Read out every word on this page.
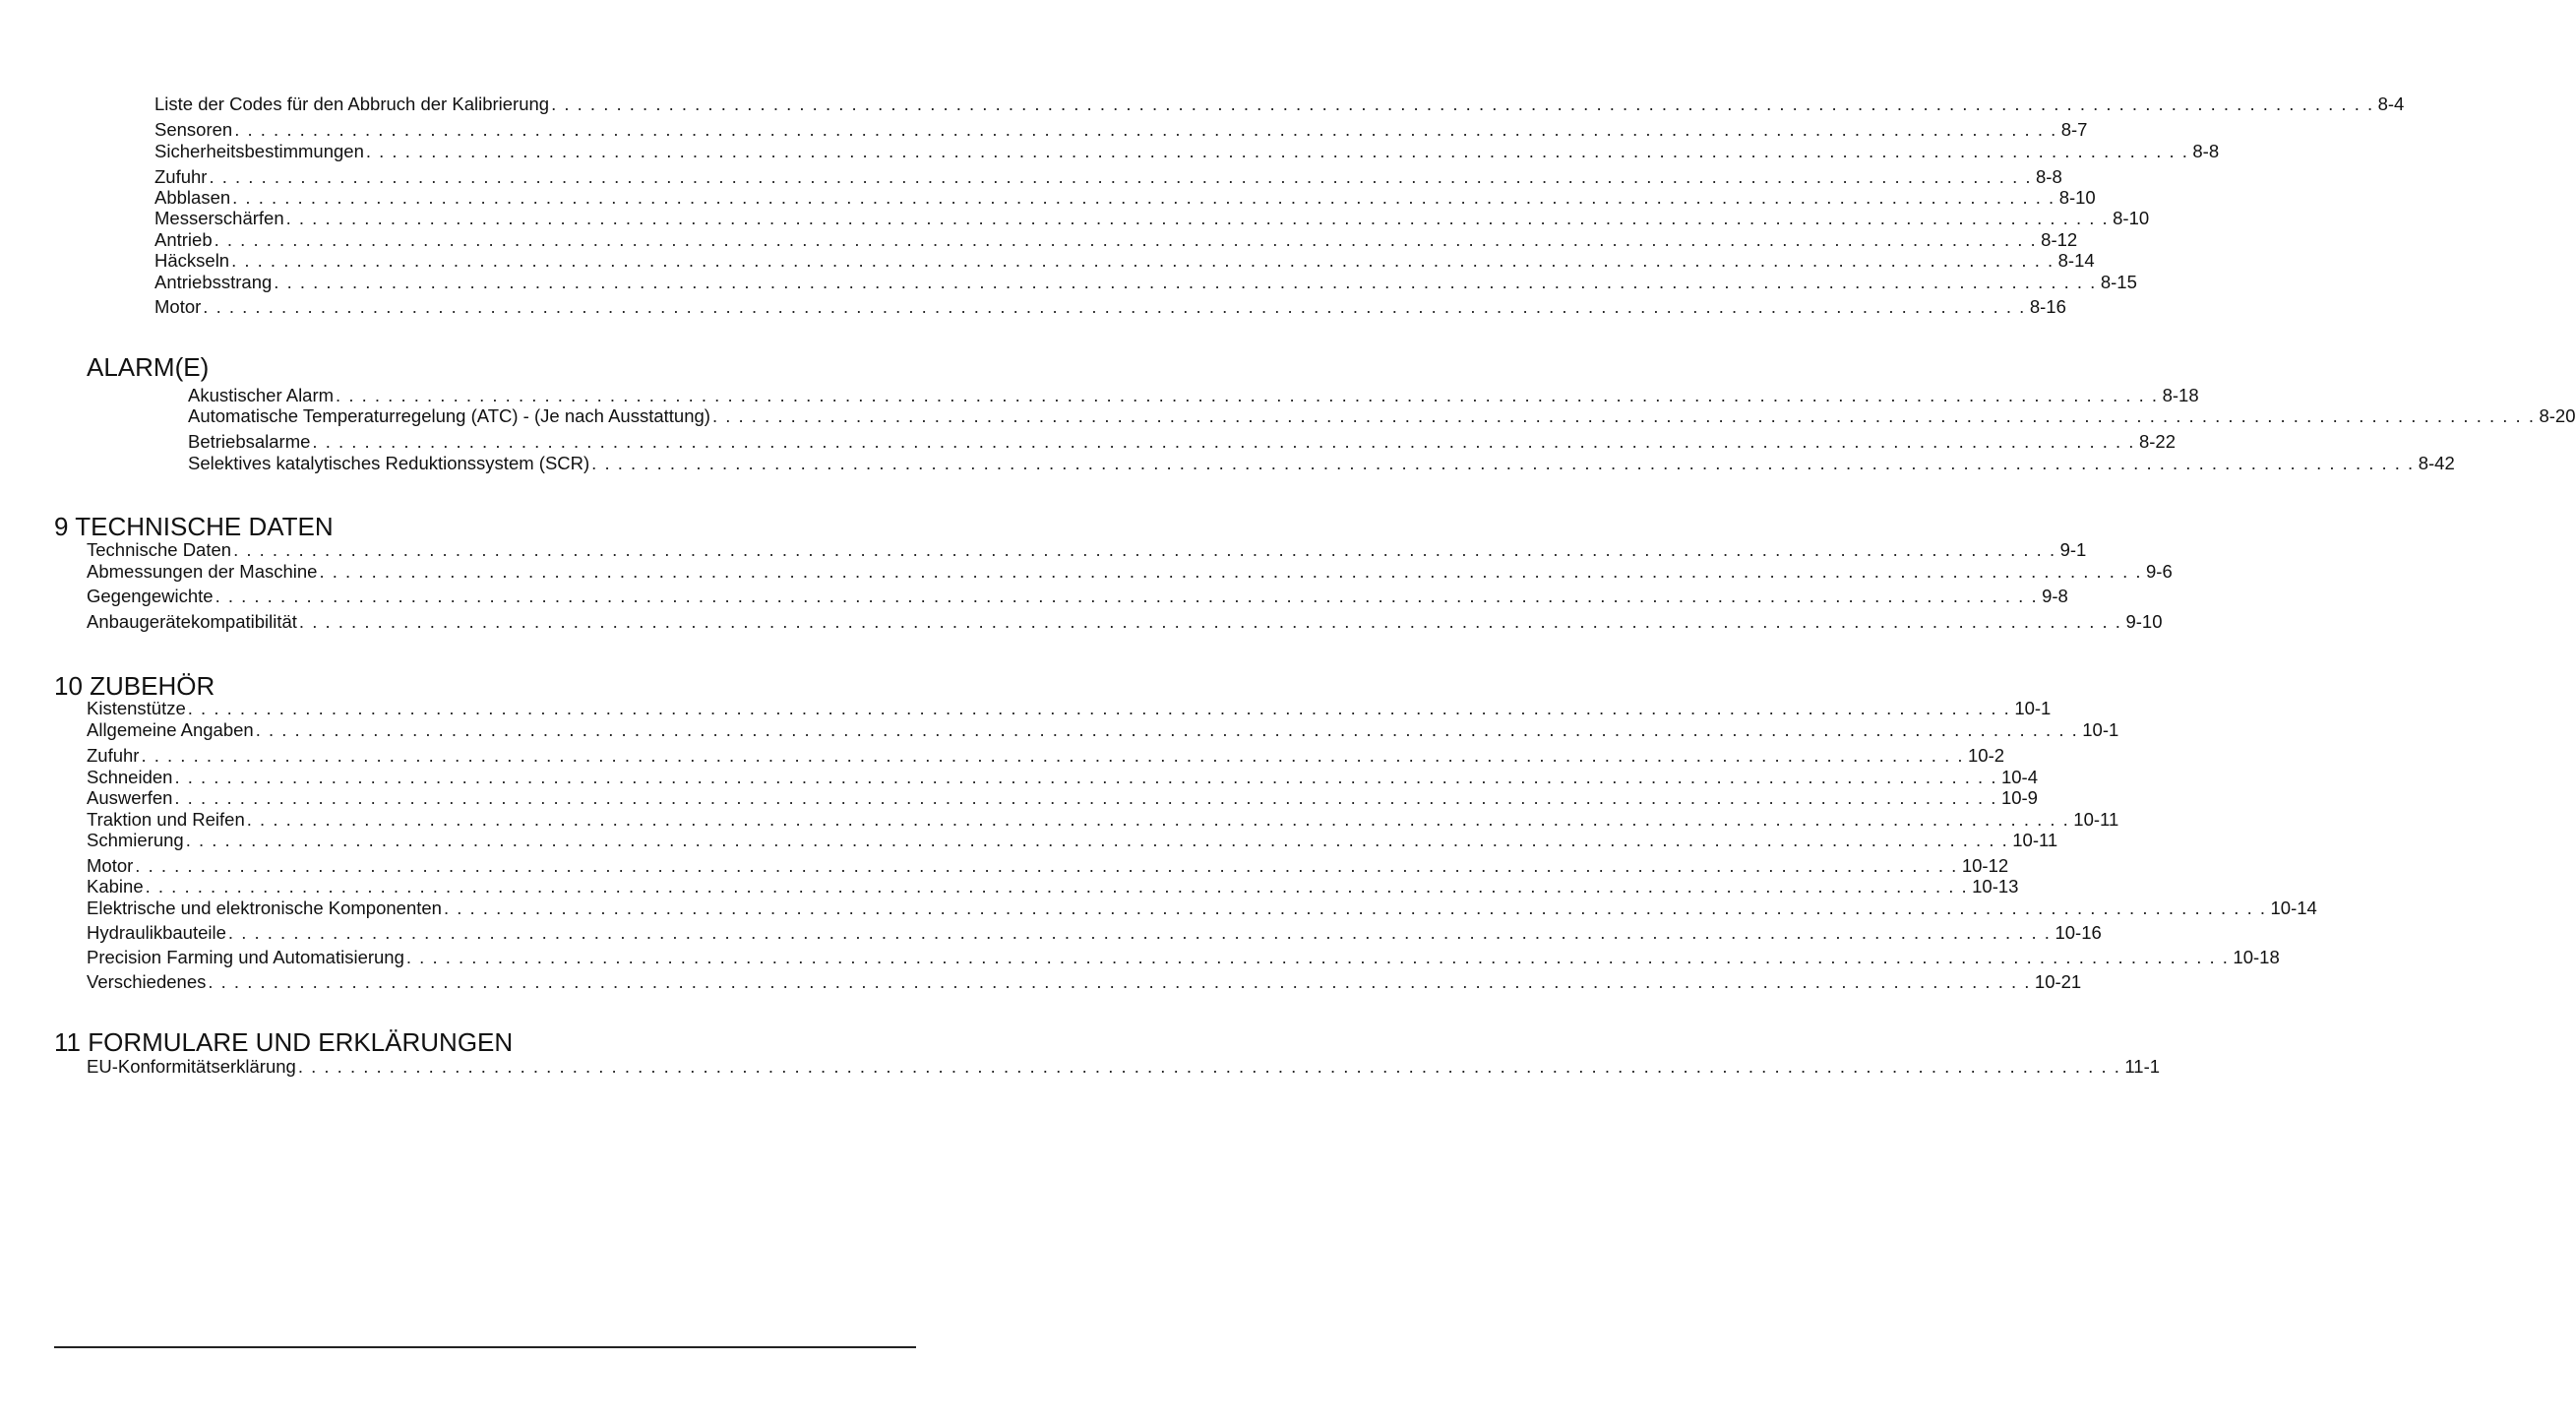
Liste der Codes für den Abbruch der Kalibrierung . . . . . . . . . . . . . . . . . . . . . . . . . . . . . . . . . . . . . . . . . . . . . . . . . . . . . . . . . . . . . . . . . . . . . . . . . . . . . . . . . . . . . . . . . . . . . . . . . . . . . . . . . . . . . . . . . . . . . . . . . . . . . . . . . . . . . . . . . . . . 8-4
Sensoren . . . . . . . . . . . . . . . . . . . . . . . . . . . . . . . . . . . . . . . . . . . . . . . . . . . . . . . . . . . . . . . . . . . . . . . . . . . . . . . . . . . . . . . . . . . . . . . . . . . . . . . . . . . . . . . . . . . . . . . . . . . . . . . . . . . . . . . . . . . . 8-7
Sicherheitsbestimmungen . . . . . . . . . . . . . . . . . . . . . . . . . . . . . . . . . . . . . . . . . . . . . . . . . . . . . . . . . . . . . . . . . . . . . . . . . . . . . . . . . . . . . . . . . . . . . . . . . . . . . . . . . . . . . . . . . . . . . . . . . . . . . . . . . . . . . . . . . . . . 8-8
Zufuhr . . . . . . . . . . . . . . . . . . . . . . . . . . . . . . . . . . . . . . . . . . . . . . . . . . . . . . . . . . . . . . . . . . . . . . . . . . . . . . . . . . . . . . . . . . . . . . . . . . . . . . . . . . . . . . . . . . . . . . . . . . . . . . . . . . . . . . . . . . . . 8-8
Abblasen . . . . . . . . . . . . . . . . . . . . . . . . . . . . . . . . . . . . . . . . . . . . . . . . . . . . . . . . . . . . . . . . . . . . . . . . . . . . . . . . . . . . . . . . . . . . . . . . . . . . . . . . . . . . . . . . . . . . . . . . . . . . . . . . . . . . . . . . . . . . 8-10
Messerschärfen . . . . . . . . . . . . . . . . . . . . . . . . . . . . . . . . . . . . . . . . . . . . . . . . . . . . . . . . . . . . . . . . . . . . . . . . . . . . . . . . . . . . . . . . . . . . . . . . . . . . . . . . . . . . . . . . . . . . . . . . . . . . . . . . . . . . . . . . . . . . 8-10
Antrieb . . . . . . . . . . . . . . . . . . . . . . . . . . . . . . . . . . . . . . . . . . . . . . . . . . . . . . . . . . . . . . . . . . . . . . . . . . . . . . . . . . . . . . . . . . . . . . . . . . . . . . . . . . . . . . . . . . . . . . . . . . . . . . . . . . . . . . . . . . . . 8-12
Häckseln . . . . . . . . . . . . . . . . . . . . . . . . . . . . . . . . . . . . . . . . . . . . . . . . . . . . . . . . . . . . . . . . . . . . . . . . . . . . . . . . . . . . . . . . . . . . . . . . . . . . . . . . . . . . . . . . . . . . . . . . . . . . . . . . . . . . . . . . . . . . 8-14
Antriebsstrang . . . . . . . . . . . . . . . . . . . . . . . . . . . . . . . . . . . . . . . . . . . . . . . . . . . . . . . . . . . . . . . . . . . . . . . . . . . . . . . . . . . . . . . . . . . . . . . . . . . . . . . . . . . . . . . . . . . . . . . . . . . . . . . . . . . . . . . . . . . . 8-15
Motor . . . . . . . . . . . . . . . . . . . . . . . . . . . . . . . . . . . . . . . . . . . . . . . . . . . . . . . . . . . . . . . . . . . . . . . . . . . . . . . . . . . . . . . . . . . . . . . . . . . . . . . . . . . . . . . . . . . . . . . . . . . . . . . . . . . . . . . . . . . . 8-16
ALARM(E)
Akustischer Alarm . . . . . . . . . . . . . . . . . . . . . . . . . . . . . . . . . . . . . . . . . . . . . . . . . . . . . . . . . . . . . . . . . . . . . . . . . . . . . . . . . . . . . . . . . . . . . . . . . . . . . . . . . . . . . . . . . . . . . . . . . . . . . . . . . . . . . . . . . . . . 8-18
Automatische Temperaturregelung (ATC) - (Je nach Ausstattung) . . . . . . . . . . . . . . . . . . . . . . . . . . . . . . . . . . . . . . . . . . . . . . . . . . . . . . . . . . . . . . . . . . . . . . . . . . . . . . . . . . . . . . . . . . . . . . . . . . . . . . . . . . . . . . . . . . . . . . . . . . . . . . . . . . . . . . . . . . . . 8-20
Betriebsalarme . . . . . . . . . . . . . . . . . . . . . . . . . . . . . . . . . . . . . . . . . . . . . . . . . . . . . . . . . . . . . . . . . . . . . . . . . . . . . . . . . . . . . . . . . . . . . . . . . . . . . . . . . . . . . . . . . . . . . . . . . . . . . . . . . . . . . . . . . . . . 8-22
Selektives katalytisches Reduktionssystem (SCR) . . . . . . . . . . . . . . . . . . . . . . . . . . . . . . . . . . . . . . . . . . . . . . . . . . . . . . . . . . . . . . . . . . . . . . . . . . . . . . . . . . . . . . . . . . . . . . . . . . . . . . . . . . . . . . . . . . . . . . . . . . . . . . . . . . . . . . . . . . . . 8-42
9 TECHNISCHE DATEN
Technische Daten . . . . . . . . . . . . . . . . . . . . . . . . . . . . . . . . . . . . . . . . . . . . . . . . . . . . . . . . . . . . . . . . . . . . . . . . . . . . . . . . . . . . . . . . . . . . . . . . . . . . . . . . . . . . . . . . . . . . . . . . . . . . . . . . . . . . . . . . . . . . 9-1
Abmessungen der Maschine . . . . . . . . . . . . . . . . . . . . . . . . . . . . . . . . . . . . . . . . . . . . . . . . . . . . . . . . . . . . . . . . . . . . . . . . . . . . . . . . . . . . . . . . . . . . . . . . . . . . . . . . . . . . . . . . . . . . . . . . . . . . . . . . . . . . . . . . . . . . 9-6
Gegengewichte . . . . . . . . . . . . . . . . . . . . . . . . . . . . . . . . . . . . . . . . . . . . . . . . . . . . . . . . . . . . . . . . . . . . . . . . . . . . . . . . . . . . . . . . . . . . . . . . . . . . . . . . . . . . . . . . . . . . . . . . . . . . . . . . . . . . . . . . . . . . 9-8
Anbaugerätekompatibilität . . . . . . . . . . . . . . . . . . . . . . . . . . . . . . . . . . . . . . . . . . . . . . . . . . . . . . . . . . . . . . . . . . . . . . . . . . . . . . . . . . . . . . . . . . . . . . . . . . . . . . . . . . . . . . . . . . . . . . . . . . . . . . . . . . . . . . . . . . . . 9-10
10 ZUBEHÖR
Kistenstütze . . . . . . . . . . . . . . . . . . . . . . . . . . . . . . . . . . . . . . . . . . . . . . . . . . . . . . . . . . . . . . . . . . . . . . . . . . . . . . . . . . . . . . . . . . . . . . . . . . . . . . . . . . . . . . . . . . . . . . . . . . . . . . . . . . . . . . . . . . . . 10-1
Allgemeine Angaben . . . . . . . . . . . . . . . . . . . . . . . . . . . . . . . . . . . . . . . . . . . . . . . . . . . . . . . . . . . . . . . . . . . . . . . . . . . . . . . . . . . . . . . . . . . . . . . . . . . . . . . . . . . . . . . . . . . . . . . . . . . . . . . . . . . . . . . . . . . . 10-1
Zufuhr . . . . . . . . . . . . . . . . . . . . . . . . . . . . . . . . . . . . . . . . . . . . . . . . . . . . . . . . . . . . . . . . . . . . . . . . . . . . . . . . . . . . . . . . . . . . . . . . . . . . . . . . . . . . . . . . . . . . . . . . . . . . . . . . . . . . . . . . . . . . 10-2
Schneiden . . . . . . . . . . . . . . . . . . . . . . . . . . . . . . . . . . . . . . . . . . . . . . . . . . . . . . . . . . . . . . . . . . . . . . . . . . . . . . . . . . . . . . . . . . . . . . . . . . . . . . . . . . . . . . . . . . . . . . . . . . . . . . . . . . . . . . . . . . . . 10-4
Auswerfen . . . . . . . . . . . . . . . . . . . . . . . . . . . . . . . . . . . . . . . . . . . . . . . . . . . . . . . . . . . . . . . . . . . . . . . . . . . . . . . . . . . . . . . . . . . . . . . . . . . . . . . . . . . . . . . . . . . . . . . . . . . . . . . . . . . . . . . . . . . . 10-9
Traktion und Reifen . . . . . . . . . . . . . . . . . . . . . . . . . . . . . . . . . . . . . . . . . . . . . . . . . . . . . . . . . . . . . . . . . . . . . . . . . . . . . . . . . . . . . . . . . . . . . . . . . . . . . . . . . . . . . . . . . . . . . . . . . . . . . . . . . . . . . . . . . . . . 10-11
Schmierung . . . . . . . . . . . . . . . . . . . . . . . . . . . . . . . . . . . . . . . . . . . . . . . . . . . . . . . . . . . . . . . . . . . . . . . . . . . . . . . . . . . . . . . . . . . . . . . . . . . . . . . . . . . . . . . . . . . . . . . . . . . . . . . . . . . . . . . . . . . . 10-11
Motor . . . . . . . . . . . . . . . . . . . . . . . . . . . . . . . . . . . . . . . . . . . . . . . . . . . . . . . . . . . . . . . . . . . . . . . . . . . . . . . . . . . . . . . . . . . . . . . . . . . . . . . . . . . . . . . . . . . . . . . . . . . . . . . . . . . . . . . . . . . . 10-12
Kabine . . . . . . . . . . . . . . . . . . . . . . . . . . . . . . . . . . . . . . . . . . . . . . . . . . . . . . . . . . . . . . . . . . . . . . . . . . . . . . . . . . . . . . . . . . . . . . . . . . . . . . . . . . . . . . . . . . . . . . . . . . . . . . . . . . . . . . . . . . . . 10-13
Elektrische und elektronische Komponenten . . . . . . . . . . . . . . . . . . . . . . . . . . . . . . . . . . . . . . . . . . . . . . . . . . . . . . . . . . . . . . . . . . . . . . . . . . . . . . . . . . . . . . . . . . . . . . . . . . . . . . . . . . . . . . . . . . . . . . . . . . . . . . . . . . . . . . . . . . . . 10-14
Hydraulikbauteile . . . . . . . . . . . . . . . . . . . . . . . . . . . . . . . . . . . . . . . . . . . . . . . . . . . . . . . . . . . . . . . . . . . . . . . . . . . . . . . . . . . . . . . . . . . . . . . . . . . . . . . . . . . . . . . . . . . . . . . . . . . . . . . . . . . . . . . . . . . . 10-16
Precision Farming und Automatisierung . . . . . . . . . . . . . . . . . . . . . . . . . . . . . . . . . . . . . . . . . . . . . . . . . . . . . . . . . . . . . . . . . . . . . . . . . . . . . . . . . . . . . . . . . . . . . . . . . . . . . . . . . . . . . . . . . . . . . . . . . . . . . . . . . . . . . . . . . . . . 10-18
Verschiedenes . . . . . . . . . . . . . . . . . . . . . . . . . . . . . . . . . . . . . . . . . . . . . . . . . . . . . . . . . . . . . . . . . . . . . . . . . . . . . . . . . . . . . . . . . . . . . . . . . . . . . . . . . . . . . . . . . . . . . . . . . . . . . . . . . . . . . . . . . . . . 10-21
11 FORMULARE UND ERKLÄRUNGEN
EU-Konformitätserklärung . . . . . . . . . . . . . . . . . . . . . . . . . . . . . . . . . . . . . . . . . . . . . . . . . . . . . . . . . . . . . . . . . . . . . . . . . . . . . . . . . . . . . . . . . . . . . . . . . . . . . . . . . . . . . . . . . . . . . . . . . . . . . . . . . . . . . . . . . . . . 11-1
